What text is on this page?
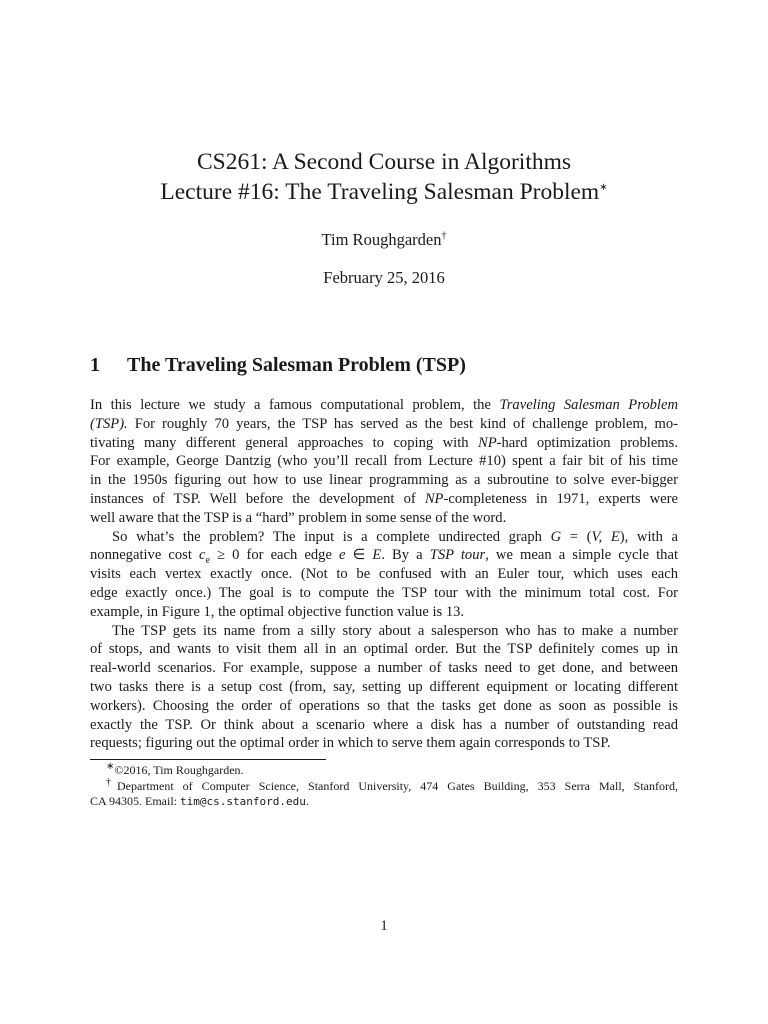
CS261: A Second Course in Algorithms
Lecture #16: The Traveling Salesman Problem∗
Tim Roughgarden†
February 25, 2016
1 The Traveling Salesman Problem (TSP)
In this lecture we study a famous computational problem, the Traveling Salesman Problem
(TSP). For roughly 70 years, the TSP has served as the best kind of challenge problem, mo-
tivating many different general approaches to coping with NP-hard optimization problems.
For example, George Dantzig (who you’ll recall from Lecture #10) spent a fair bit of his time
in the 1950s figuring out how to use linear programming as a subroutine to solve ever-bigger
instances of TSP. Well before the development of NP-completeness in 1971, experts were
well aware that the TSP is a “hard” problem in some sense of the word.
So what’s the problem? The input is a complete undirected graph G = (V, E), with a
nonnegative cost $c_e \ge 0$ for each edge e ∈ E. By a TSP tour, we mean a simple cycle that
visits each vertex exactly once. (Not to be confused with an Euler tour, which uses each
edge exactly once.) The goal is to compute the TSP tour with the minimum total cost. For
example, in Figure 1, the optimal objective function value is 13.
The TSP gets its name from a silly story about a salesperson who has to make a number
of stops, and wants to visit them all in an optimal order. But the TSP definitely comes up in
real-world scenarios. For example, suppose a number of tasks need to get done, and between
two tasks there is a setup cost (from, say, setting up different equipment or locating different
workers). Choosing the order of operations so that the tasks get done as soon as possible is
exactly the TSP. Or think about a scenario where a disk has a number of outstanding read
requests; figuring out the optimal order in which to serve them again corresponds to TSP.
∗©2016, Tim Roughgarden.
†Department of Computer Science, Stanford University, 474 Gates Building, 353 Serra Mall, Stanford,
CA 94305. Email: tim@cs.stanford.edu.
1
